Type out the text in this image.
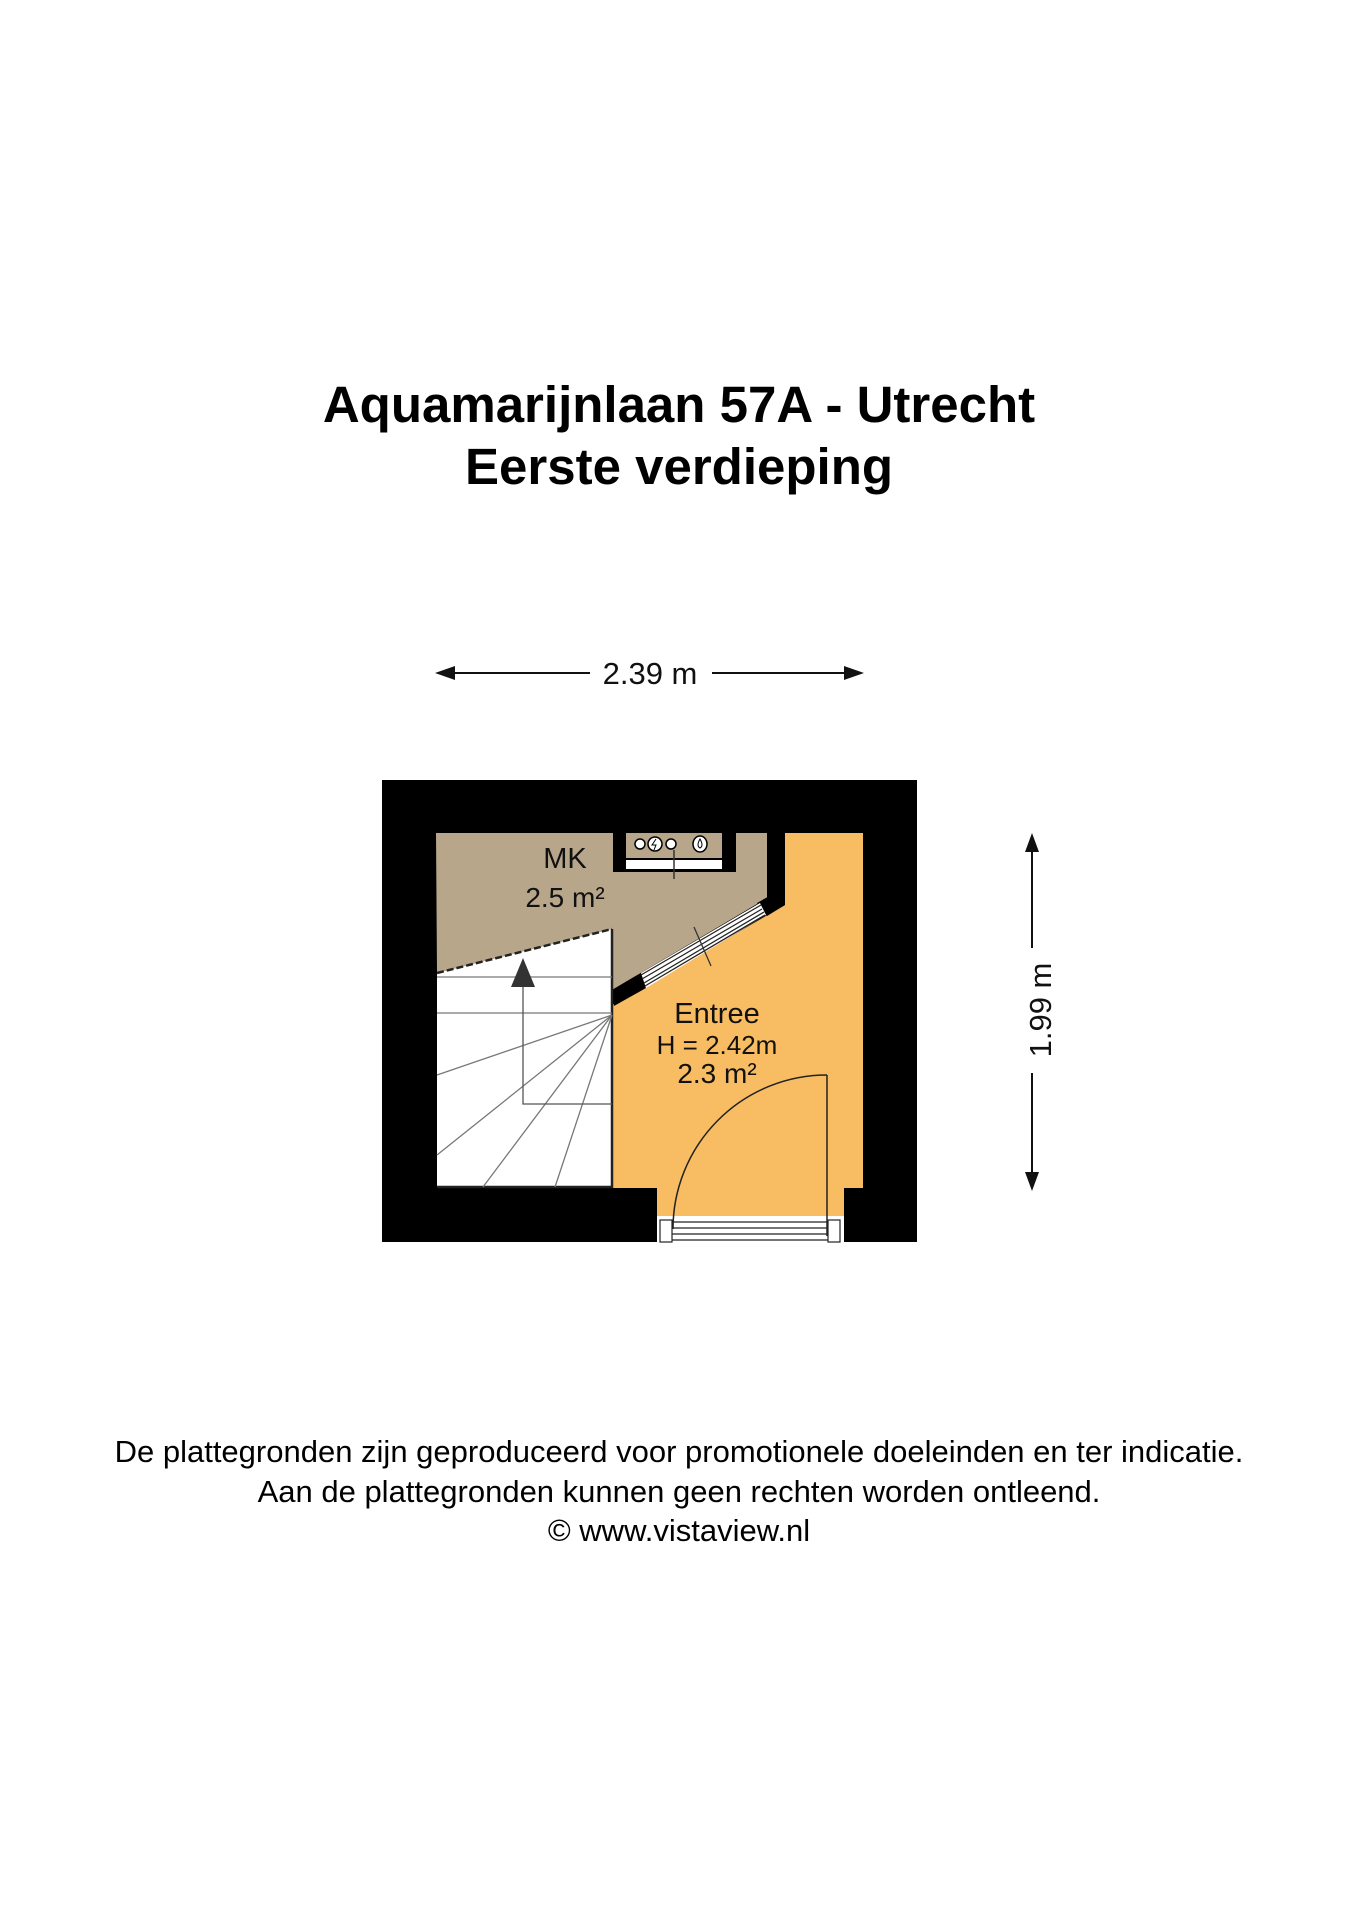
Aquamarijnlaan 57A - Utrecht
Eerste verdieping
2.39 m
1.99 m
MK
2.5 m²
Entree
H = 2.42m
2.3 m²
De plattegronden zijn geproduceerd voor promotionele doeleinden en ter indicatie.
Aan de plattegronden kunnen geen rechten worden ontleend.
© www.vistaview.nl
